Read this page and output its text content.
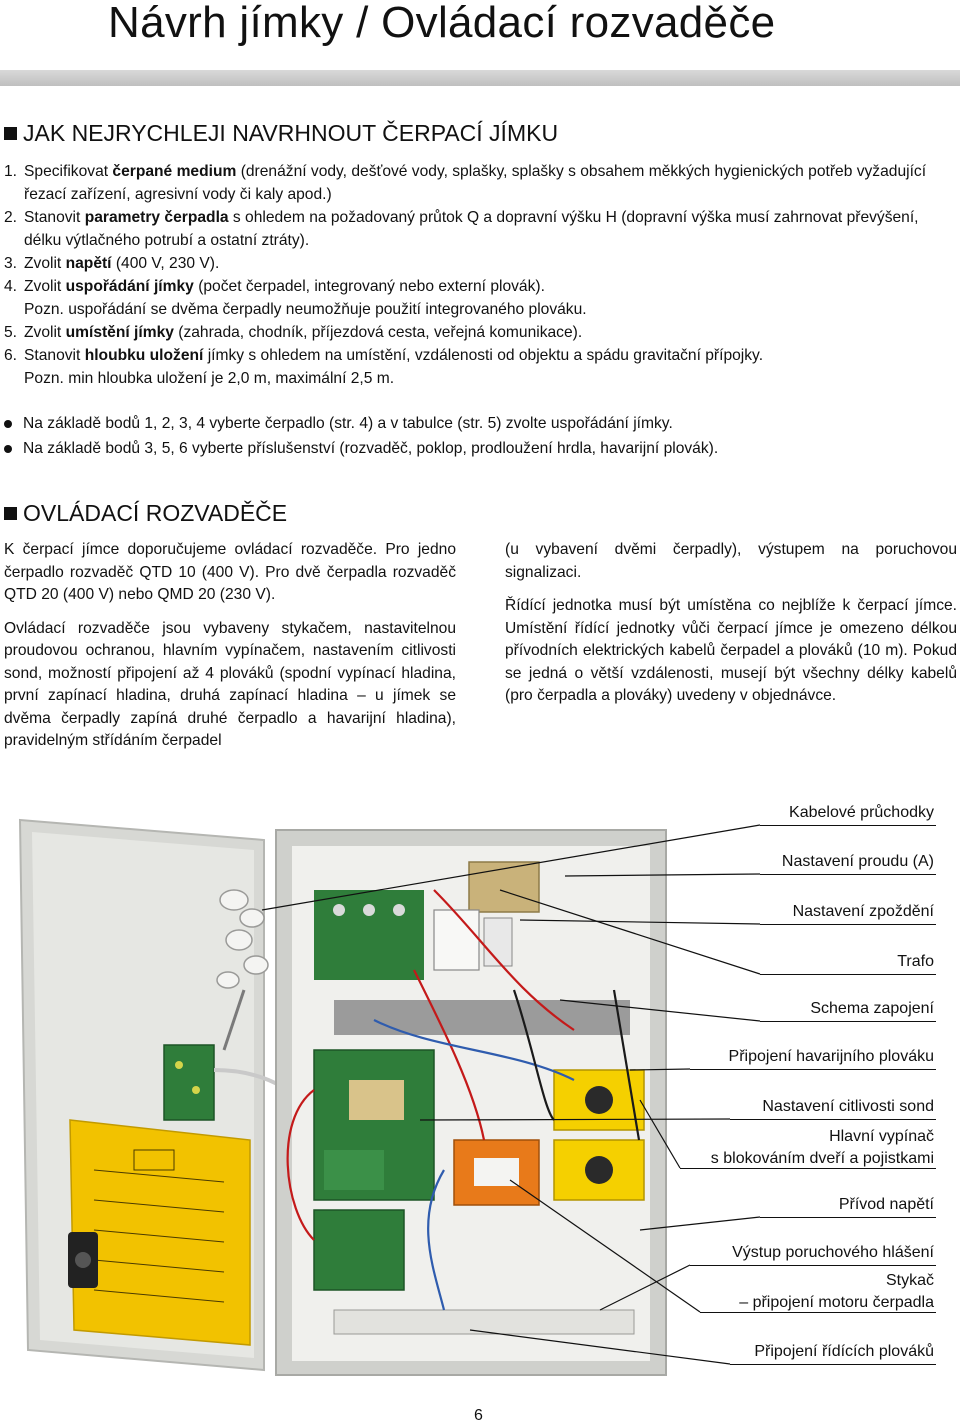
Návrh jímky / Ovládací rozvaděče
JAK NEJRYCHLEJI NAVRHNOUT ČERPACÍ JÍMKU
1. Specifikovat čerpané medium (drenážní vody, dešťové vody, splašky, splašky s obsahem měkkých hygienických potřeb vyžadující řezací zařízení, agresivní vody či kaly apod.)
2. Stanovit parametry čerpadla s ohledem na požadovaný průtok Q a dopravní výšku H (dopravní výška musí zahrnovat převýšení, délku výtlačného potrubí a ostatní ztráty).
3. Zvolit napětí (400 V, 230 V).
4. Zvolit uspořádání jímky (počet čerpadel, integrovaný nebo externí plovák).
Pozn. uspořádání se dvěma čerpadly neumožňuje použití integrovaného plováku.
5. Zvolit umístění jímky (zahrada, chodník, příjezdová cesta, veřejná komunikace).
6. Stanovit hloubku uložení jímky s ohledem na umístění, vzdálenosti od objektu a spádu gravitační přípojky.
Pozn. min hloubka uložení je 2,0 m, maximální 2,5 m.
Na základě bodů 1, 2, 3, 4 vyberte čerpadlo (str. 4) a v tabulce (str. 5) zvolte uspořádání jímky.
Na základě bodů 3, 5, 6 vyberte příslušenství (rozvaděč, poklop, prodloužení hrdla, havarijní plovák).
OVLÁDACÍ ROZVADĚČE

K čerpací jímce doporučujeme ovládací rozvaděče. Pro jedno čerpadlo rozvaděč QTD 10 (400 V). Pro dvě čerpadla rozvaděč QTD 20 (400 V) nebo QMD 20 (230 V).

Ovládací rozvaděče jsou vybaveny stykačem, nastavitelnou proudovou ochranou, hlavním vypínačem, nastavením citlivosti sond, možností připojení až 4 plováků (spodní vypínací hladina, první zapínací hladina, druhá zapínací hladina – u jímek se dvěma čerpadly zapíná druhé čerpadlo a havarijní hladina), pravidelným střídáním čerpadel

(u vybavení dvěmi čerpadly), výstupem na poruchovou signalizaci.

Řídící jednotka musí být umístěna co nejblíže k čerpací jímce. Umístění řídící jednotky vůči čerpací jímce je omezeno délkou přívodních elektrických kabelů čerpadel a plováků (10 m). Pokud se jedná o větší vzdálenosti, musejí být všechny délky kabelů (pro čerpadla a plováky) uvedeny v objednávce.

Kabelové průchodky
Nastavení proudu (A)
Nastavení zpoždění
Trafo
Schema zapojení
Připojení havarijního plováku
Nastavení citlivosti sond
Hlavní vypínač
s blokováním dveří a pojistkami
Přívod napětí
Výstup poruchového hlášení
Stykač
– připojení motoru čerpadla
Připojení řídících plováků
6
